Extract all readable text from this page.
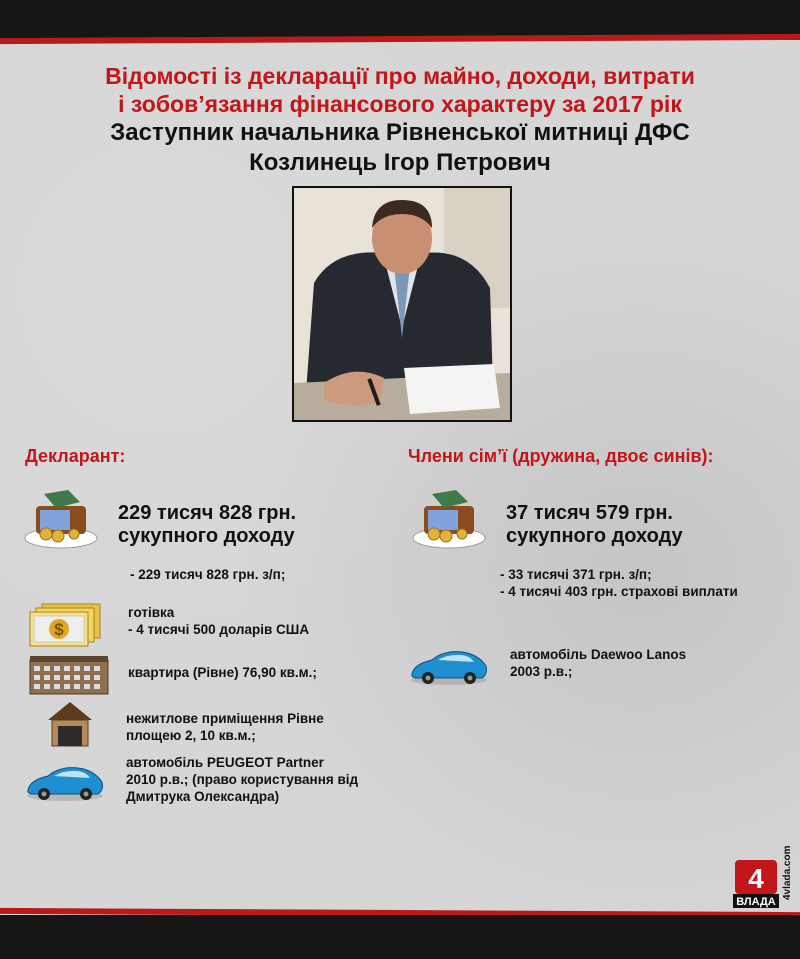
Відомості із декларації про майно, доходи, витрати
і зобов’язання фінансового характеру за 2017 рік
Заступник начальника Рівненської митниці ДФС
Козлинець Ігор Петрович
Декларант:	Члени сім’ї (дружина, двоє синів):
229 тисяч 828 грн.
сукупного доходу
- 229 тисяч 828 грн. з/п;
$
готівка
- 4 тисячі 500 доларів США
квартира (Рівне) 76,90 кв.м.;
нежитлове приміщення Рівне
площею 2, 10 кв.м.;
автомобіль PEUGEOT Partner
2010 р.в.; (право користування від
Дмитрука Олександра)
37 тисяч 579 грн.
сукупного доходу
- 33 тисячі 371 грн. з/п;
- 4 тисячі 403 грн. страхові виплати
автомобіль Daewoo Lanos
2003 р.в.;
4
ВЛАДА
4vlada.com
